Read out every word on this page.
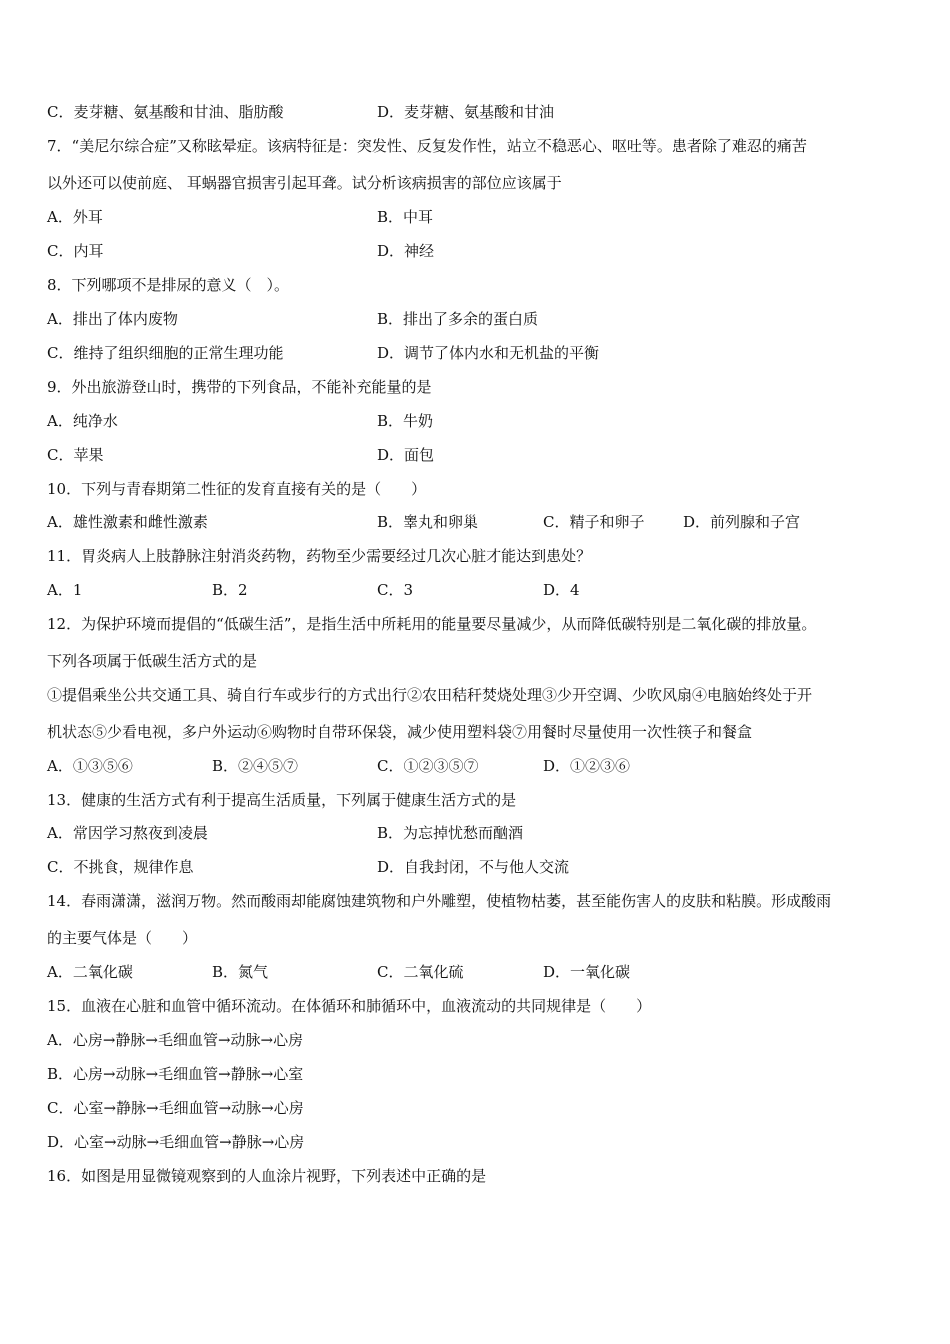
C．麦芽糖、氨基酸和甘油、脂肪酸	D．麦芽糖、氨基酸和甘油
7．“美尼尔综合症”又称眩晕症。该病特征是：突发性、反复发作性，站立不稳恶心、呕吐等。患者除了难忍的痛苦
以外还可以使前庭、 耳蜗器官损害引起耳聋。试分析该病损害的部位应该属于
A．外耳	B．中耳
C．内耳	D．神经
8．下列哪项不是排尿的意义（　）。
A．排出了体内废物	B．排出了多余的蛋白质
C．维持了组织细胞的正常生理功能	D．调节了体内水和无机盐的平衡
9．外出旅游登山时，携带的下列食品，不能补充能量的是
A．纯净水	B．牛奶
C．苹果	D．面包
10．下列与青春期第二性征的发育直接有关的是（　　）
A．雄性激素和雌性激素	B．睾丸和卵巢	C．精子和卵子	D．前列腺和子宫
11．胃炎病人上肢静脉注射消炎药物，药物至少需要经过几次心脏才能达到患处？
A．1	B．2	C．3	D．4
12．为保护环境而提倡的“低碳生活”，是指生活中所耗用的能量要尽量减少，从而降低碳特别是二氧化碳的排放量。
下列各项属于低碳生活方式的是
①提倡乘坐公共交通工具、骑自行车或步行的方式出行②农田秸秆焚烧处理③少开空调、少吹风扇④电脑始终处于开
机状态⑤少看电视，多户外运动⑥购物时自带环保袋，减少使用塑料袋⑦用餐时尽量使用一次性筷子和餐盒
A．①③⑤⑥	B．②④⑤⑦	C．①②③⑤⑦	D．①②③⑥
13．健康的生活方式有利于提高生活质量，下列属于健康生活方式的是
A．常因学习熬夜到凌晨	B．为忘掉忧愁而酗酒
C．不挑食，规律作息	D．自我封闭，不与他人交流
14．春雨潇潇，滋润万物。然而酸雨却能腐蚀建筑物和户外雕塑，使植物枯萎，甚至能伤害人的皮肤和粘膜。形成酸雨
的主要气体是（　　）
A．二氧化碳	B．氮气	C．二氧化硫	D．一氧化碳
15．血液在心脏和血管中循环流动。在体循环和肺循环中，血液流动的共同规律是（　　）
A．心房→静脉→毛细血管→动脉→心房
B．心房→动脉→毛细血管→静脉→心室
C．心室→静脉→毛细血管→动脉→心房
D．心室→动脉→毛细血管→静脉→心房
16．如图是用显微镜观察到的人血涂片视野，下列表述中正确的是
